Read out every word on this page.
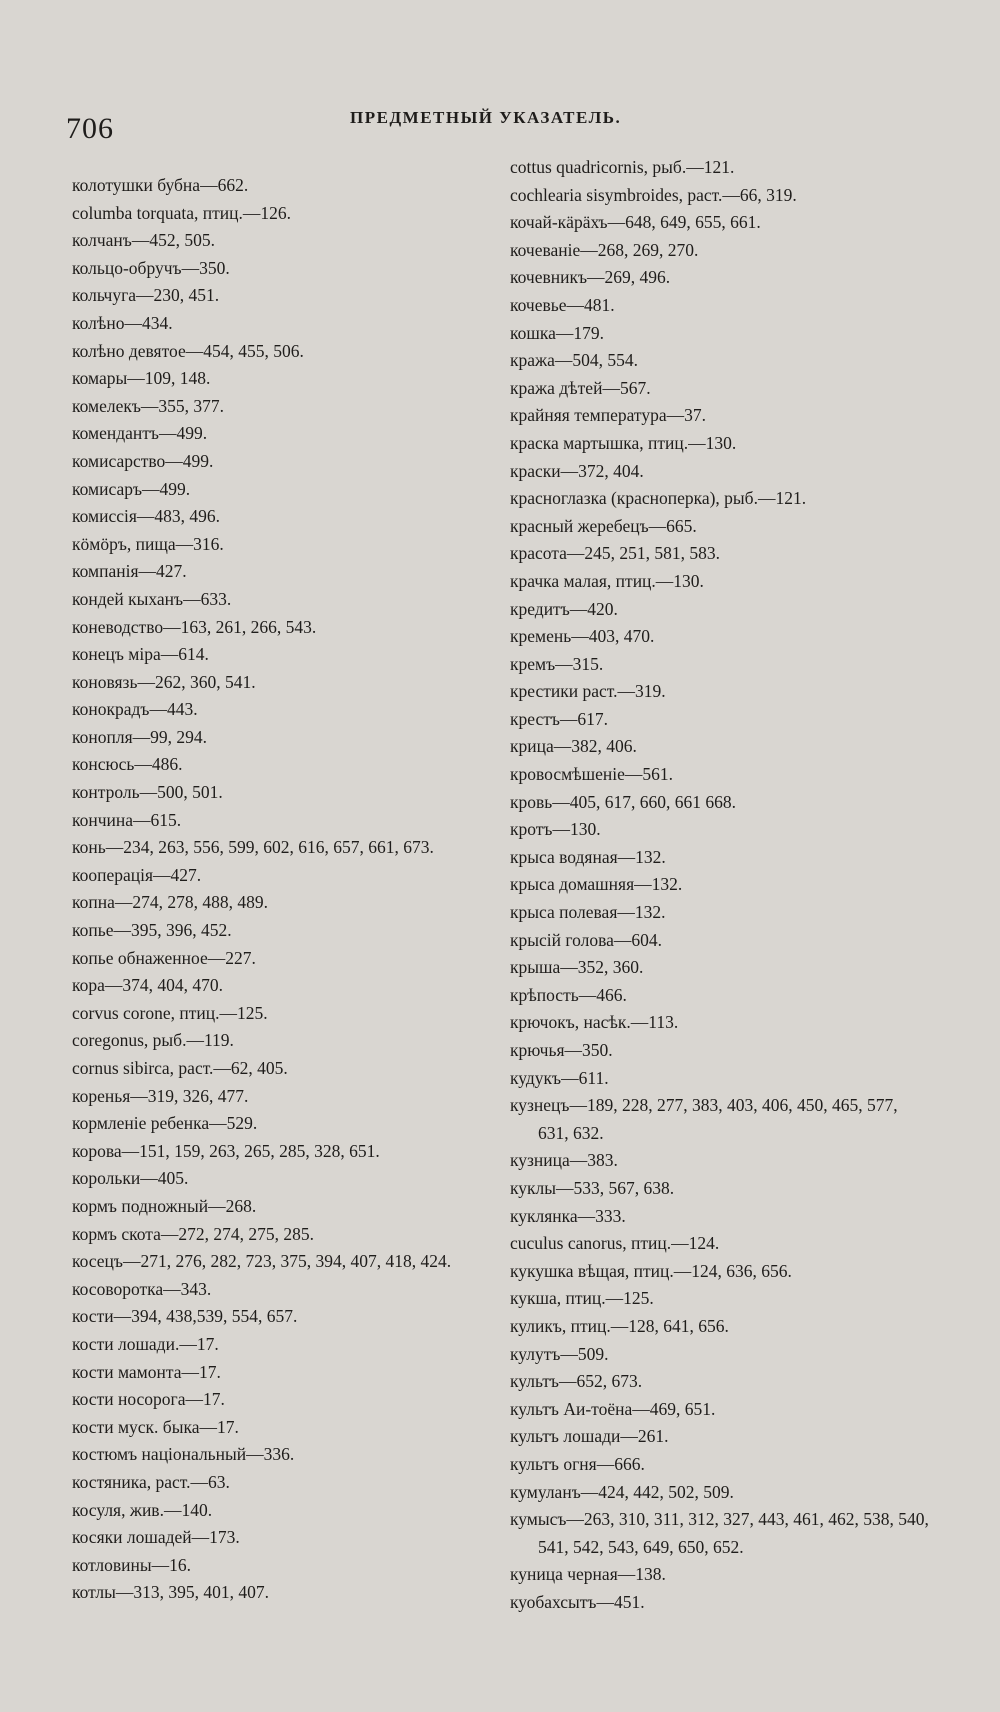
706	ПРЕДМЕТНЫЙ УКАЗАТЕЛЬ.
колотушки бубна—662.
columba torquata, птиц.—126.
колчанъ—452, 505.
кольцо-обручъ—350.
кольчуга—230, 451.
колѣно—434.
колѣно девятое—454, 455, 506.
комары—109, 148.
комелекъ—355, 377.
комендантъ—499.
комисарство—499.
комисаръ—499.
комиссія—483, 496.
кӧмӧръ, пища—316.
компанія—427.
кондей кыханъ—633.
коневодство—163, 261, 266, 543.
конецъ міра—614.
коновязь—262, 360, 541.
конокрадъ—443.
конопля—99, 294.
консюсь—486.
контроль—500, 501.
кончина—615.
конь—234, 263, 556, 599, 602, 616, 657, 661, 673.
кооперація—427.
копна—274, 278, 488, 489.
копье—395, 396, 452.
копье обнаженное—227.
кора—374, 404, 470.
corvus corone, птиц.—125.
coregonus, рыб.—119.
cornus sibirca, раст.—62, 405.
коренья—319, 326, 477.
кормленіе ребенка—529.
корова—151, 159, 263, 265, 285, 328, 651.
корольки—405.
кормъ подножный—268.
кормъ скота—272, 274, 275, 285.
косецъ—271, 276, 282, 723, 375, 394, 407, 418, 424.
косоворотка—343.
кости—394, 438,539, 554, 657.
кости лошади.—17.
кости мамонта—17.
кости носорога—17.
кости муск. быка—17.
костюмъ національный—336.
костяника, раст.—63.
косуля, жив.—140.
косяки лошадей—173.
котловины—16.
котлы—313, 395, 401, 407.
cottus quadricornis, рыб.—121.
cochlearia sisymbroides, раст.—66, 319.
кочай-кäрäхъ—648, 649, 655, 661.
кочеваніе—268, 269, 270.
кочевникъ—269, 496.
кочевье—481.
кошка—179.
кража—504, 554.
кража дѣтей—567.
крайняя температура—37.
краска мартышка, птиц.—130.
краски—372, 404.
красноглазка (красноперка), рыб.—121.
красный жеребецъ—665.
красота—245, 251, 581, 583.
крачка малая, птиц.—130.
кредитъ—420.
кремень—403, 470.
кремъ—315.
крестики раст.—319.
крестъ—617.
крица—382, 406.
кровосмѣшеніе—561.
кровь—405, 617, 660, 661 668.
кротъ—130.
крыса водяная—132.
крыса домашняя—132.
крыса полевая—132.
крысій голова—604.
крыша—352, 360.
крѣпость—466.
крючокъ, насѣк.—113.
крючья—350.
кудукъ—611.
кузнецъ—189, 228, 277, 383, 403, 406, 450, 465, 577, 631, 632.
кузница—383.
куклы—533, 567, 638.
куклянка—333.
cuculus canorus, птиц.—124.
кукушка вѣщая, птиц.—124, 636, 656.
кукша, птиц.—125.
куликъ, птиц.—128, 641, 656.
кулутъ—509.
культъ—652, 673.
культъ Аи-тоёна—469, 651.
культъ лошади—261.
культъ огня—666.
кумуланъ—424, 442, 502, 509.
кумысъ—263, 310, 311, 312, 327, 443, 461, 462, 538, 540, 541, 542, 543, 649, 650, 652.
куница черная—138.
куобахсытъ—451.
